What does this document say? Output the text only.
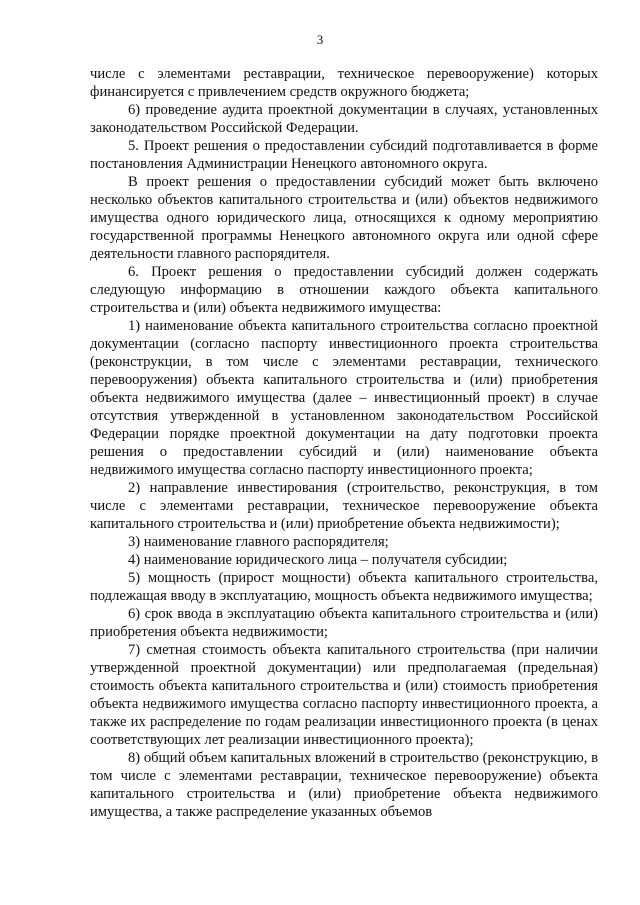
3

числе с элементами реставрации, техническое перевооружение) которых финансируется с привлечением средств окружного бюджета;

6) проведение аудита проектной документации в случаях, установленных законодательством Российской Федерации.

5. Проект решения о предоставлении субсидий подготавливается в форме постановления Администрации Ненецкого автономного округа.

В проект решения о предоставлении субсидий может быть включено несколько объектов капитального строительства и (или) объектов недвижимого имущества одного юридического лица, относящихся к одному мероприятию государственной программы Ненецкого автономного округа или одной сфере деятельности главного распорядителя.

6. Проект решения о предоставлении субсидий должен содержать следующую информацию в отношении каждого объекта капитального строительства и (или) объекта недвижимого имущества:

1) наименование объекта капитального строительства согласно проектной документации (согласно паспорту инвестиционного проекта строительства (реконструкции, в том числе с элементами реставрации, технического перевооружения) объекта капитального строительства и (или) приобретения объекта недвижимого имущества (далее – инвестиционный проект) в случае отсутствия утвержденной в установленном законодательством Российской Федерации порядке проектной документации на дату подготовки проекта решения о предоставлении субсидий и (или) наименование объекта недвижимого имущества согласно паспорту инвестиционного проекта;

2) направление инвестирования (строительство, реконструкция, в том числе с элементами реставрации, техническое перевооружение объекта капитального строительства и (или) приобретение объекта недвижимости);

3) наименование главного распорядителя;

4) наименование юридического лица – получателя субсидии;

5) мощность (прирост мощности) объекта капитального строительства, подлежащая вводу в эксплуатацию, мощность объекта недвижимого имущества;

6) срок ввода в эксплуатацию объекта капитального строительства и (или) приобретения объекта недвижимости;

7) сметная стоимость объекта капитального строительства (при наличии утвержденной проектной документации) или предполагаемая (предельная) стоимость объекта капитального строительства и (или) стоимость приобретения объекта недвижимого имущества согласно паспорту инвестиционного проекта, а также их распределение по годам реализации инвестиционного проекта (в ценах соответствующих лет реализации инвестиционного проекта);

8) общий объем капитальных вложений в строительство (реконструкцию, в том числе с элементами реставрации, техническое перевооружение) объекта капитального строительства и (или) приобретение объекта недвижимого имущества, а также распределение указанных объемов
